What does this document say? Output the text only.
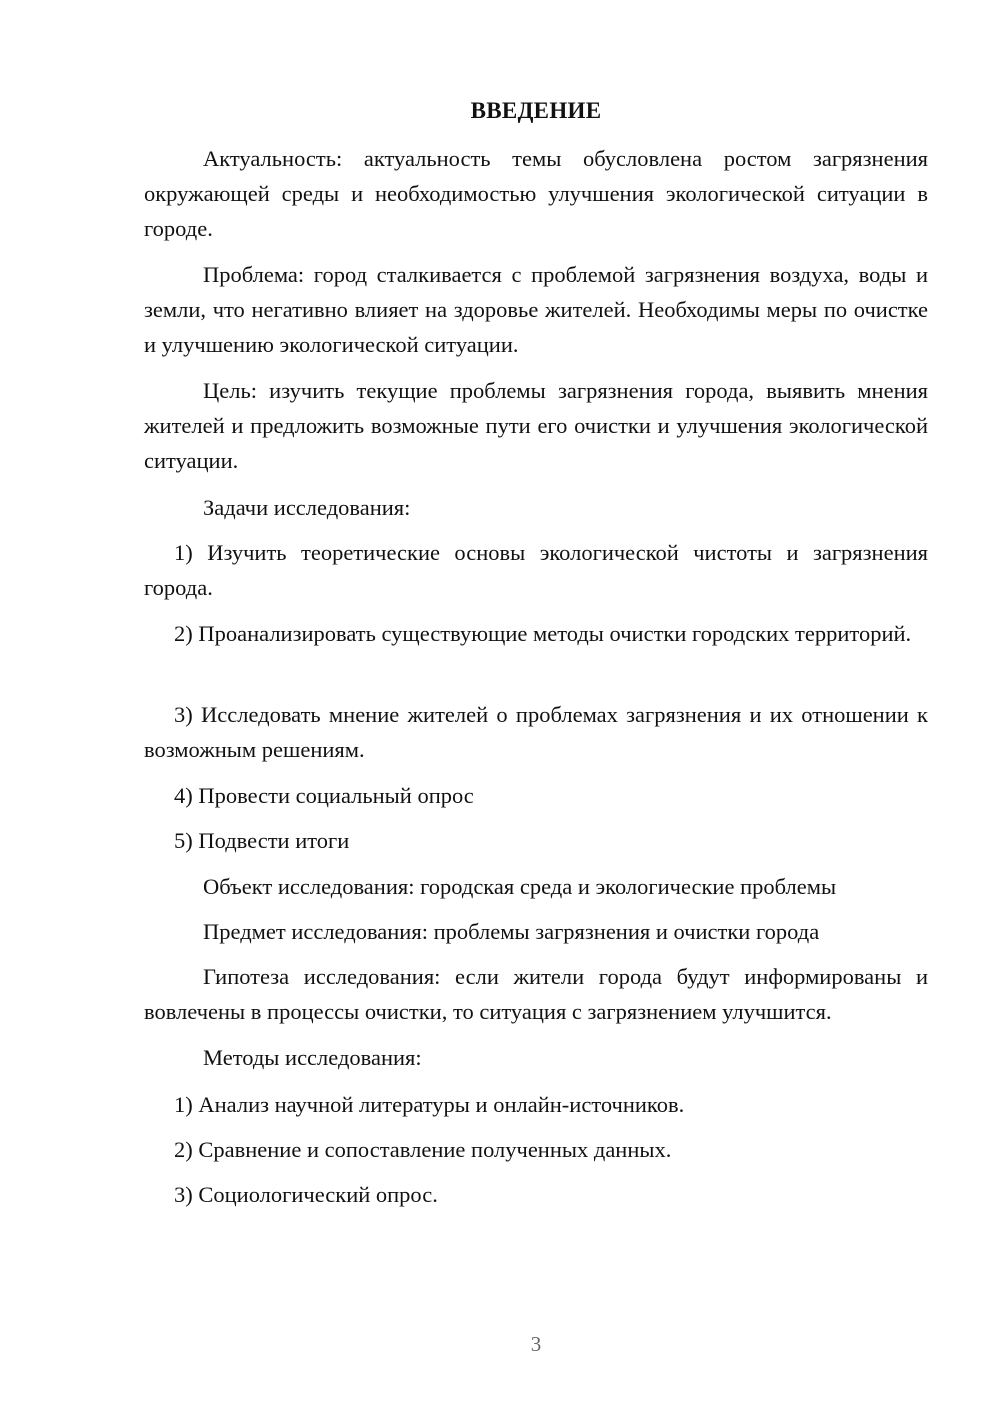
ВВЕДЕНИЕ

Актуальность: актуальность темы обусловлена ростом загрязнения окружающей среды и необходимостью улучшения экологической ситуации в городе.

Проблема: город сталкивается с проблемой загрязнения воздуха, воды и земли, что негативно влияет на здоровье жителей. Необходимы меры по очистке и улучшению экологической ситуации.

Цель: изучить текущие проблемы загрязнения города, выявить мнения жителей и предложить возможные пути его очистки и улучшения экологической ситуации.

Задачи исследования:

1) Изучить теоретические основы экологической чистоты и загрязнения города.

2) Проанализировать существующие методы очистки городских территорий.

3) Исследовать мнение жителей о проблемах загрязнения и их отношении к возможным решениям.

4) Провести социальный опрос

5) Подвести итоги

Объект исследования: городская среда и экологические проблемы

Предмет исследования: проблемы загрязнения и очистки города

Гипотеза исследования: если жители города будут информированы и вовлечены в процессы очистки, то ситуация с загрязнением улучшится.

Методы исследования:

1) Анализ научной литературы и онлайн-источников.

2) Сравнение и сопоставление полученных данных.

3) Социологический опрос.

3
